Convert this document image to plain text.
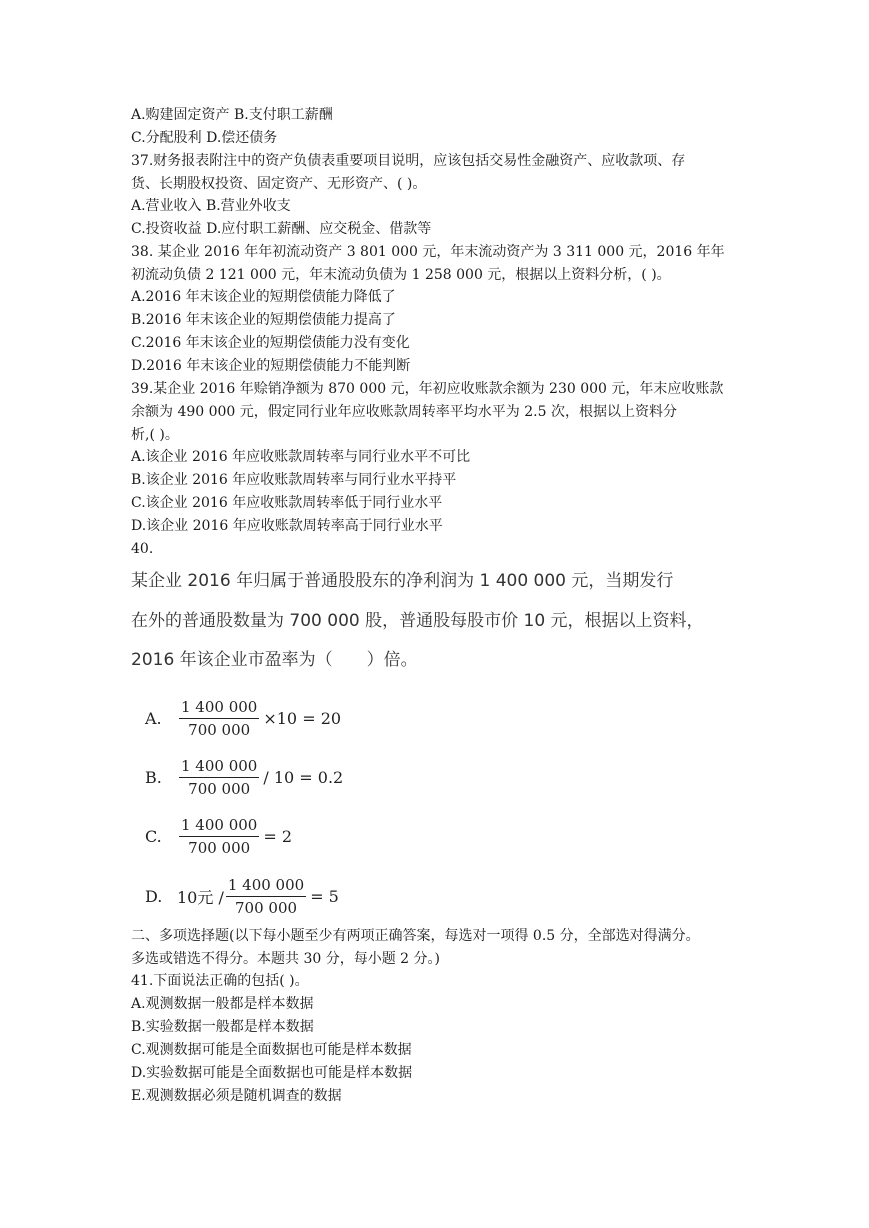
A.购建固定资产 B.支付职工薪酬
C.分配股利 D.偿还债务
37.财务报表附注中的资产负债表重要项目说明，应该包括交易性金融资产、应收款项、存
货、长期股权投资、固定资产、无形资产、( )。
A.营业收入 B.营业外收支
C.投资收益 D.应付职工薪酬、应交税金、借款等
38. 某企业 2016 年年初流动资产 3 801 000 元，年末流动资产为 3 311 000 元，2016 年年
初流动负债 2 121 000 元，年末流动负债为 1 258 000 元，根据以上资料分析，( )。
A.2016 年末该企业的短期偿债能力降低了
B.2016 年末该企业的短期偿债能力提高了
C.2016 年末该企业的短期偿债能力没有变化
D.2016 年末该企业的短期偿债能力不能判断
39.某企业 2016 年赊销净额为 870 000 元，年初应收账款余额为 230 000 元，年末应收账款
余额为 490 000 元，假定同行业年应收账款周转率平均水平为 2.5 次，根据以上资料分
析,( )。
A.该企业 2016 年应收账款周转率与同行业水平不可比
B.该企业 2016 年应收账款周转率与同行业水平持平
C.该企业 2016 年应收账款周转率低于同行业水平
D.该企业 2016 年应收账款周转率高于同行业水平
40.
某企业 2016 年归属于普通股股东的净利润为 1 400 000 元，当期发行
在外的普通股数量为 700 000 股，普通股每股市价 10 元，根据以上资料，
2016 年该企业市盈率为（　　）倍。
A.	$\frac{1 400 000}{700 000} \times 10 = 20$
B.	$\frac{1 400 000}{700 000} / 10 = 0.2$
C.	$\frac{1 400 000}{700 000} = 2$
D. 10元 / $\frac{1 400 000}{700 000} = 5$
二、多项选择题(以下每小题至少有两项正确答案，每选对一项得 0.5 分，全部选对得满分。
多选或错选不得分。本题共 30 分，每小题 2 分。)
41.下面说法正确的包括( )。
A.观测数据一般都是样本数据
B.实验数据一般都是样本数据
C.观测数据可能是全面数据也可能是样本数据
D.实验数据可能是全面数据也可能是样本数据
E.观测数据必须是随机调查的数据
